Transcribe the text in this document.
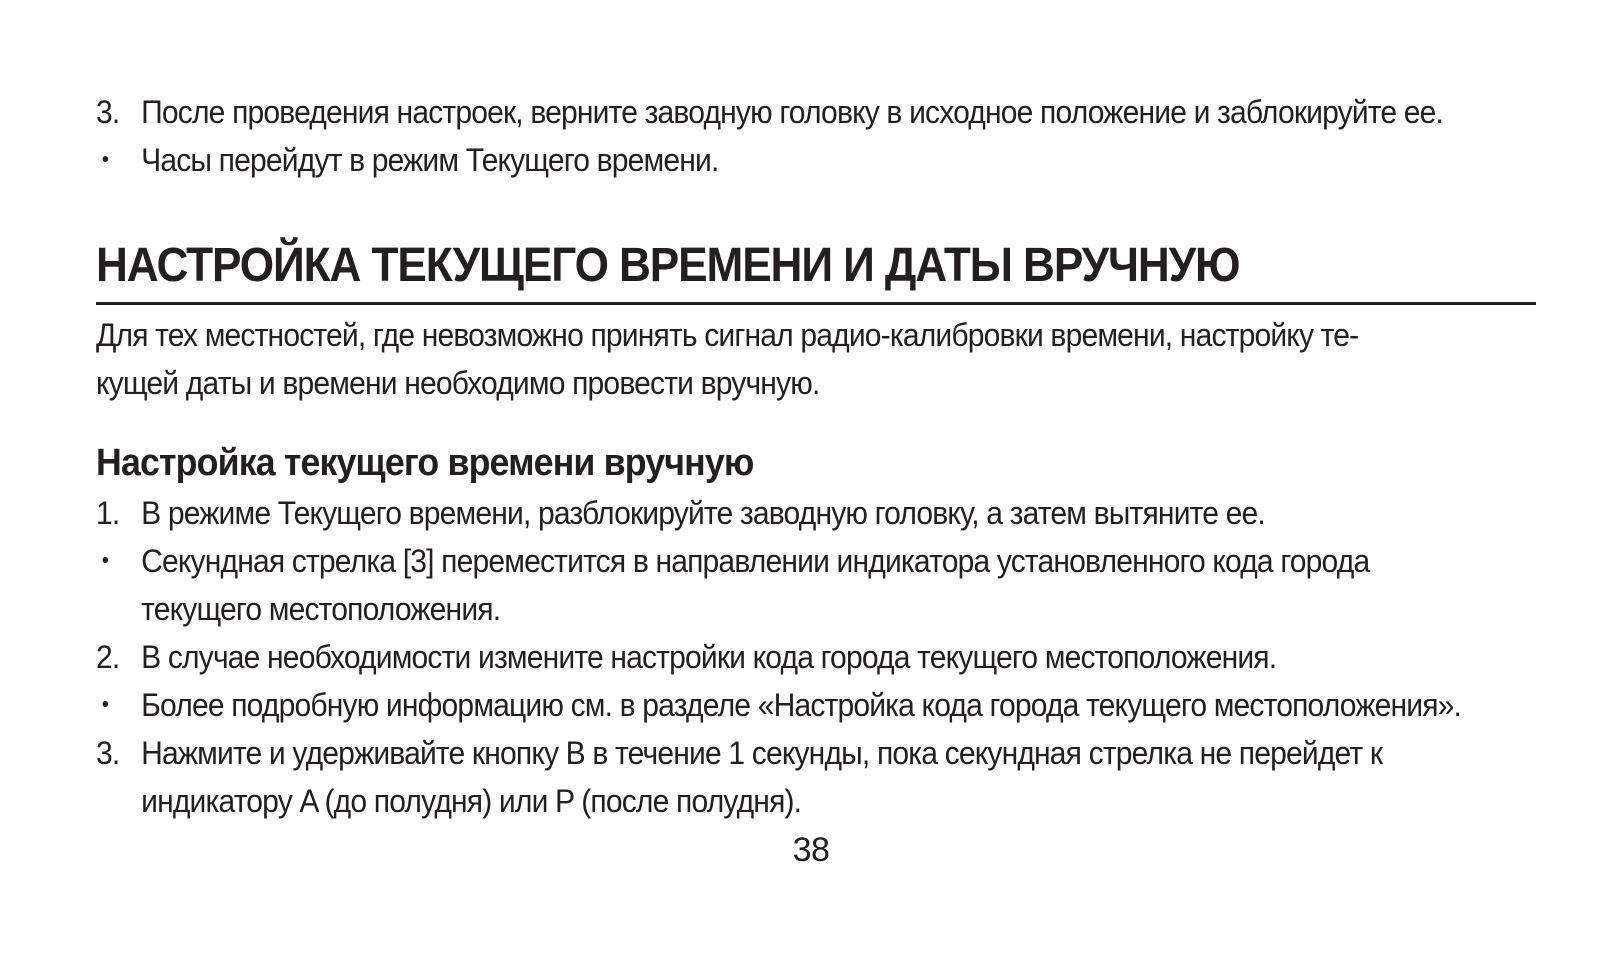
3. После проведения настроек, верните заводную головку в исходное положение и заблокируйте ее.
Часы перейдут в режим Текущего времени.
НАСТРОЙКА ТЕКУЩЕГО ВРЕМЕНИ И ДАТЫ ВРУЧНУЮ
Для тех местностей, где невозможно принять сигнал радио-калибровки времени, настройку те-
кущей даты и времени необходимо провести вручную.
Настройка текущего времени вручную
1. В режиме Текущего времени, разблокируйте заводную головку, а затем вытяните ее.
Секундная стрелка [3] переместится в направлении индикатора установленного кода города
текущего местоположения.
2. В случае необходимости измените настройки кода города текущего местоположения.
Более подробную информацию см. в разделе «Настройка кода города текущего местоположения».
3. Нажмите и удерживайте кнопку B в течение 1 секунды, пока секундная стрелка не перейдет к
индикатору A (до полудня) или P (после полудня).
38
